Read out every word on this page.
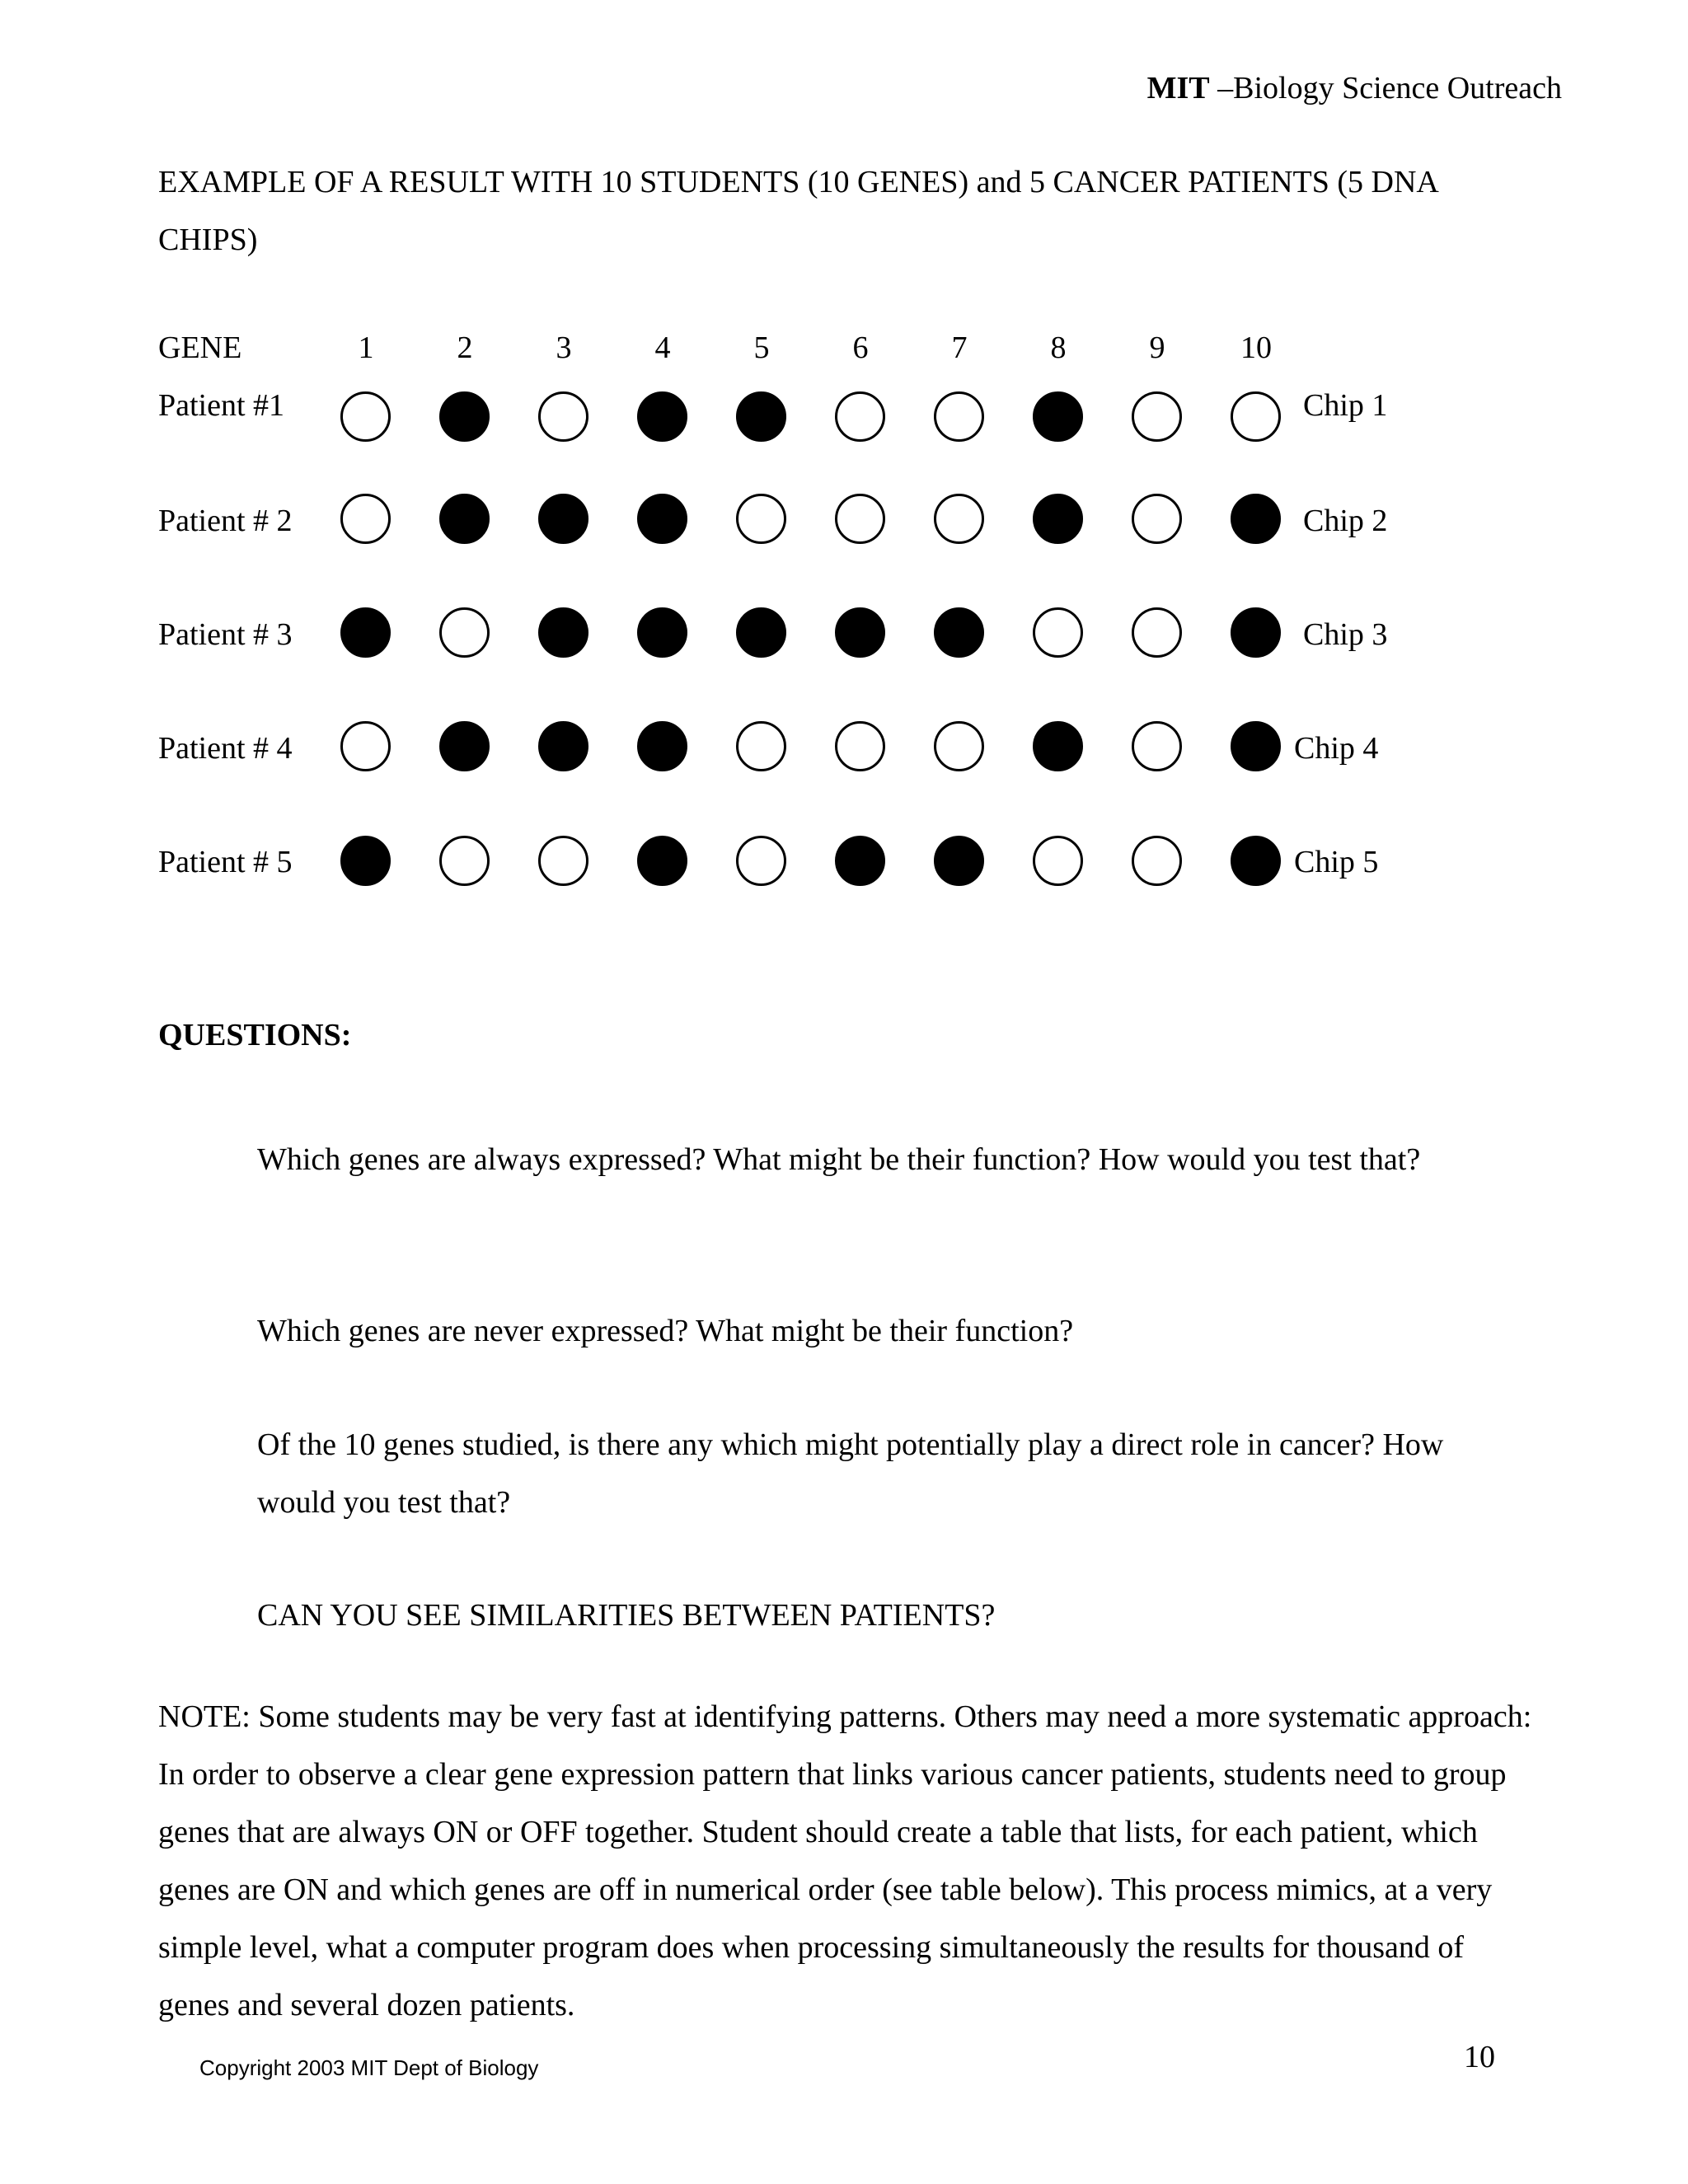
MIT –Biology Science Outreach
EXAMPLE OF A RESULT WITH 10 STUDENTS (10 GENES) and 5 CANCER PATIENTS (5 DNA CHIPS)
GENE	1	2	3	4	5	6	7	8	9	10
Patient #1	Chip 1
Patient # 2	Chip 2
Patient # 3	Chip 3
Patient # 4	Chip 4
Patient # 5	Chip 5
QUESTIONS:
Which genes are always expressed? What might be their function? How would you test that?
Which genes are never expressed? What might be their function?
Of the 10 genes studied, is there any which might potentially play a direct role in cancer? How would you test that?
CAN YOU SEE SIMILARITIES BETWEEN PATIENTS?
NOTE: Some students may be very fast at identifying patterns. Others may need a more systematic approach: In order to observe a clear gene expression pattern that links various cancer patients, students need to group genes that are always ON or OFF together. Student should create a table that lists, for each patient, which genes are ON and which genes are off in numerical order (see table below). This process mimics, at a very simple level, what a computer program does when processing simultaneously the results for thousand of genes and several dozen patients.
Copyright 2003 MIT Dept of Biology	10
